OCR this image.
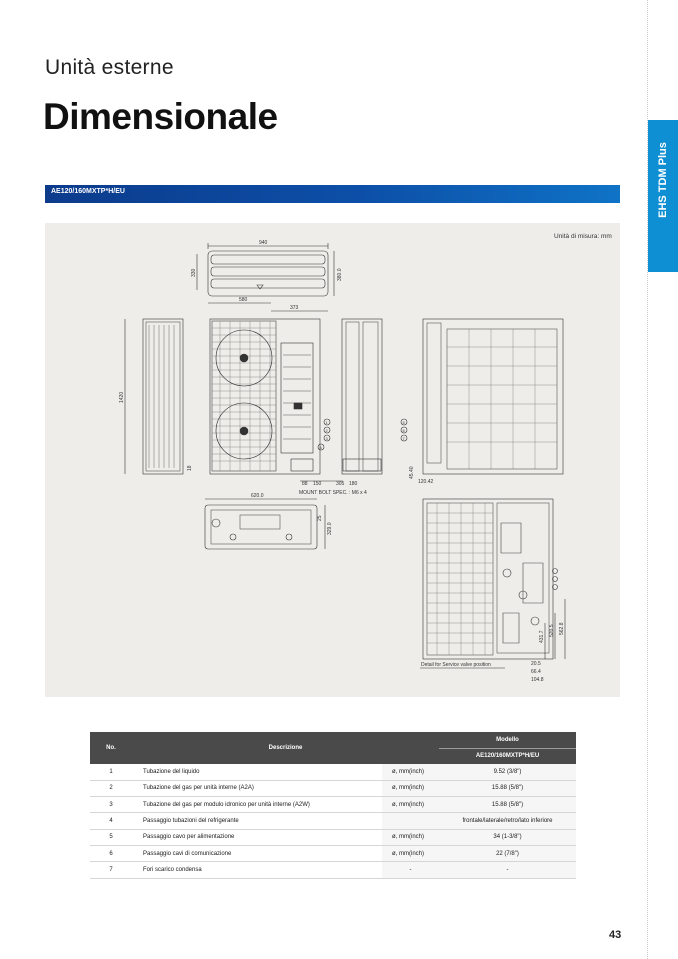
EHS TDM Plus
Unità esterne
Dimensionale
AE120/160MXTP*H/EU
Unità di misura: mm
940
330	380.0
580
373
1420
18
1
2
3
4
88 150	305 180
MOUNT BOLT SPEC. : M6 x 4
5
6
7
45.40
120.42
620.0
329.0
25
431.7 520.5 562.8
20.5
66.4
104.8
Detail for Service valve position
No.	Descrizione		Modello
			AE120/160MXTP*H/EU
1	Tubazione del liquido	ø, mm(inch)	9.52 (3/8")
2	Tubazione del gas per unità interne (A2A)	ø, mm(inch)	15.88 (5/8")
3	Tubazione del gas per modulo idronico per unità interne (A2W)	ø, mm(inch)	15.88 (5/8")
4	Passaggio tubazioni del refrigerante		frontale/laterale/retro/lato inferiore
5	Passaggio cavo per alimentazione	ø, mm(inch)	34 (1-3/8")
6	Passaggio cavi di comunicazione	ø, mm(inch)	22 (7/8")
7	Fori scarico condensa	-	-
43
